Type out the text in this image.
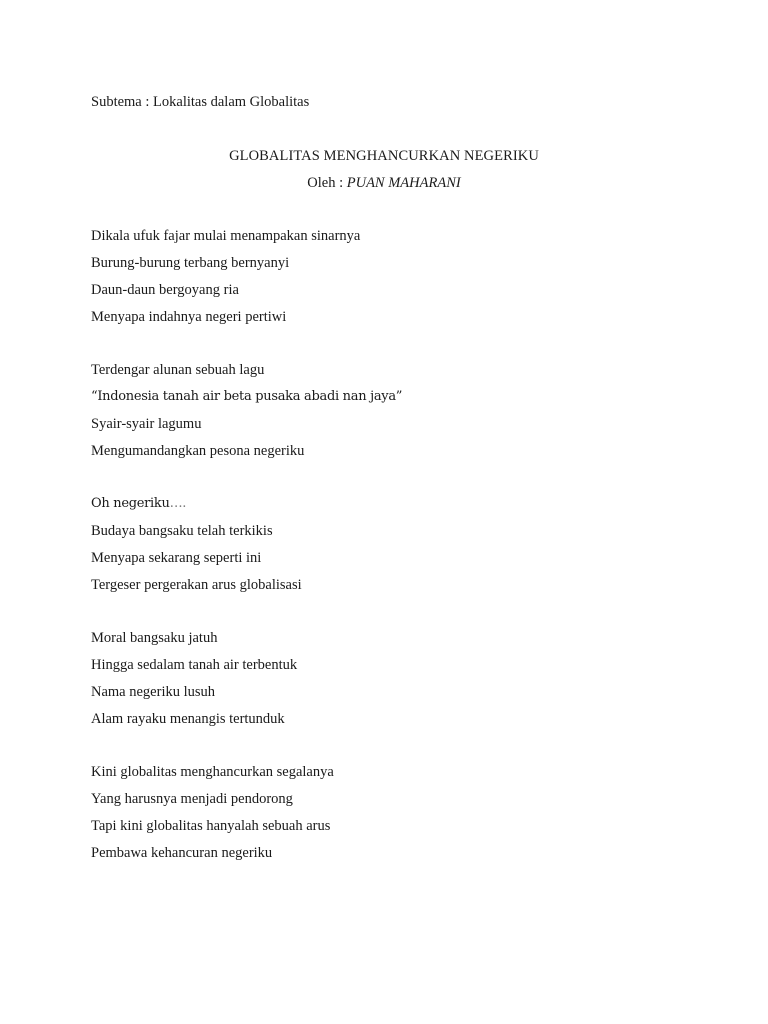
Subtema : Lokalitas dalam Globalitas
GLOBALITAS MENGHANCURKAN NEGERIKU
Oleh : PUAN MAHARANI
Dikala ufuk fajar mulai menampakan sinarnya
Burung-burung terbang bernyanyi
Daun-daun bergoyang ria
Menyapa indahnya negeri pertiwi
Terdengar alunan sebuah lagu
“Indonesia tanah air beta pusaka abadi nan jaya”
Syair-syair lagumu
Mengumandangkan pesona negeriku
Oh negeriku….
Budaya bangsaku telah terkikis
Menyapa sekarang seperti ini
Tergeser pergerakan arus globalisasi
Moral bangsaku jatuh
Hingga sedalam tanah air terbentuk
Nama negeriku lusuh
Alam rayaku menangis tertunduk
Kini globalitas menghancurkan segalanya
Yang harusnya menjadi pendorong
Tapi kini globalitas hanyalah sebuah arus
Pembawa kehancuran negeriku
